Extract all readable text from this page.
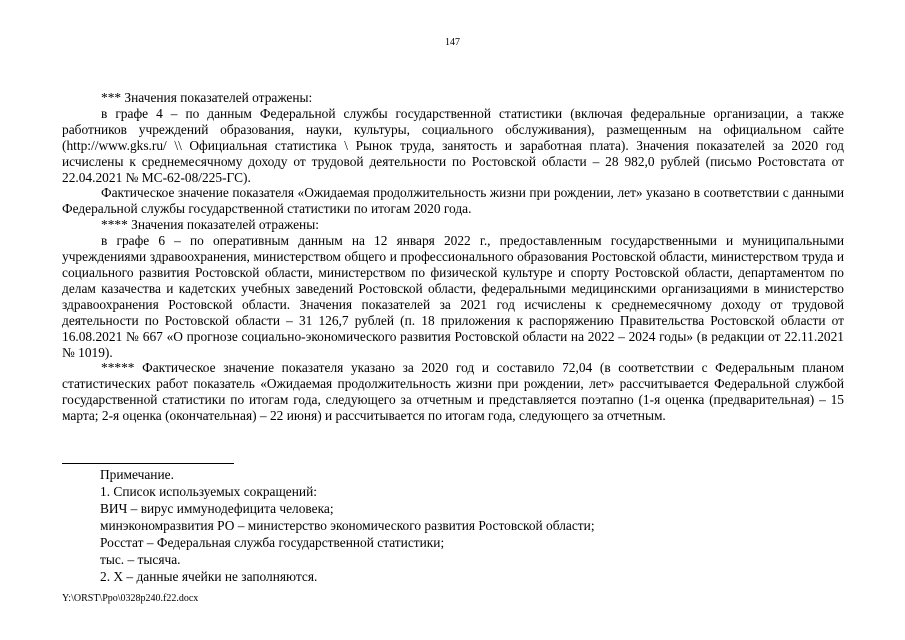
147

*** Значения показателей отражены:

в графе 4 – по данным Федеральной службы государственной статистики (включая федеральные организации, а также работников учреждений образования, науки, культуры, социального обслуживания), размещенным на официальном сайте (http://www.gks.ru/ \\ Официальная статистика \ Рынок труда, занятость и заработная плата). Значения показателей за 2020 год исчислены к среднемесячному доходу от трудовой деятельности по Ростовской области – 28 982,0 рублей (письмо Ростовстата от 22.04.2021 № МС-62-08/225-ГС).

Фактическое значение показателя «Ожидаемая продолжительность жизни при рождении, лет» указано в соответствии с данными Федеральной службы государственной статистики по итогам 2020 года.

**** Значения показателей отражены:

в графе 6 – по оперативным данным на 12 января 2022 г., предоставленным государственными и муниципальными учреждениями здравоохранения, министерством общего и профессионального образования Ростовской области, министерством труда и социального развития Ростовской области, министерством по физической культуре и спорту Ростовской области, департаментом по делам казачества и кадетских учебных заведений Ростовской области, федеральными медицинскими организациями в министерство здравоохранения Ростовской области. Значения показателей за 2021 год исчислены к среднемесячному доходу от трудовой деятельности по Ростовской области – 31 126,7 рублей (п. 18 приложения к распоряжению Правительства Ростовской области от 16.08.2021 № 667 «О прогнозе социально-экономического развития Ростовской области на 2022 – 2024 годы» (в редакции от 22.11.2021 № 1019).

***** Фактическое значение показателя указано за 2020 год и составило 72,04 (в соответствии с Федеральным планом статистических работ показатель «Ожидаемая продолжительность жизни при рождении, лет» рассчитывается Федеральной службой государственной статистики по итогам года, следующего за отчетным и представляется поэтапно (1-я оценка (предварительная) – 15 марта; 2-я оценка (окончательная) – 22 июня) и рассчитывается по итогам года, следующего за отчетным.

Примечание.

1. Список используемых сокращений:

ВИЧ – вирус иммунодефицита человека;

минэкономразвития РО – министерство экономического развития Ростовской области;

Росстат – Федеральная служба государственной статистики;

тыс. – тысяча.

2. Х – данные ячейки не заполняются.

Y:\ORST\Ppo\0328p240.f22.docx
